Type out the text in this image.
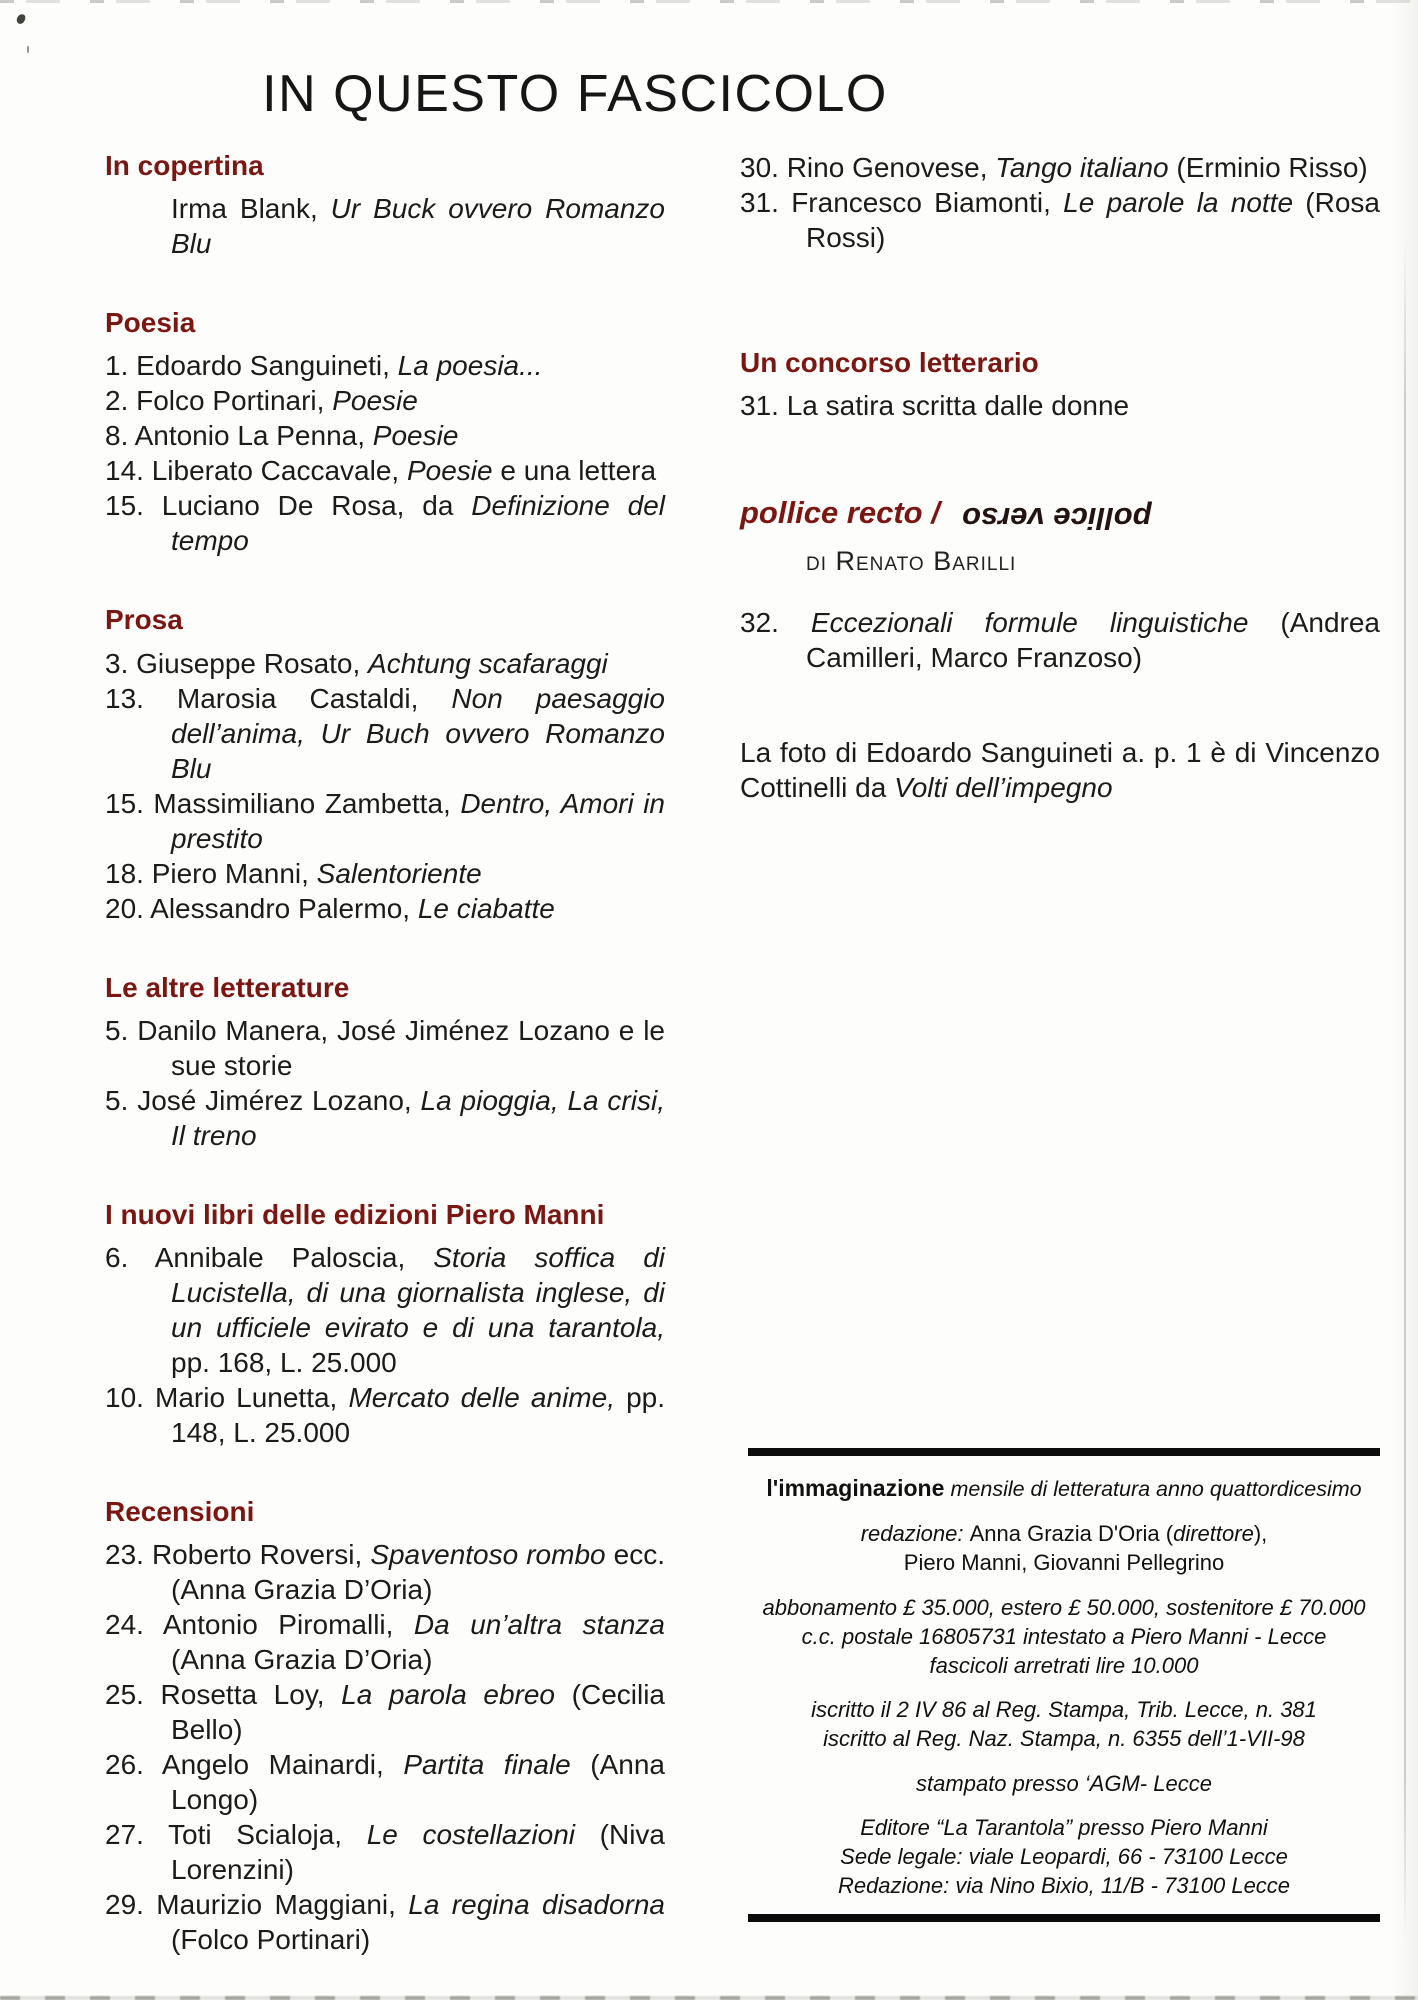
IN QUESTO FASCICOLO
In copertina

Irma Blank, Ur Buck ovvero Romanzo Blu

Poesia

1. Edoardo Sanguineti, La poesia...

2. Folco Portinari, Poesie

8. Antonio La Penna, Poesie

14. Liberato Caccavale, Poesie e una lettera

15. Luciano De Rosa, da Definizione del tempo

Prosa

3. Giuseppe Rosato, Achtung scafaraggi

13. Marosia Castaldi, Non paesaggio dell’anima, Ur Buch ovvero Romanzo Blu

15. Massimiliano Zambetta, Dentro, Amori in prestito

18. Piero Manni, Salentoriente

20. Alessandro Palermo, Le ciabatte

Le altre letterature

5. Danilo Manera, José Jiménez Lozano e le sue storie

5. José Jimérez Lozano, La pioggia, La crisi, Il treno

I nuovi libri delle edizioni Piero Manni

6. Annibale Paloscia, Storia soffica di Lucistella, di una giornalista inglese, di un ufficiele evirato e di una tarantola, pp. 168, L. 25.000

10. Mario Lunetta, Mercato delle anime, pp. 148, L. 25.000

Recensioni

23. Roberto Roversi, Spaventoso rombo ecc. (Anna Grazia D’Oria)

24. Antonio Piromalli, Da un’altra stanza (Anna Grazia D’Oria)

25. Rosetta Loy, La parola ebreo (Cecilia Bello)

26. Angelo Mainardi, Partita finale (Anna Longo)

27. Toti Scialoja, Le costellazioni (Niva Lorenzini)

29. Maurizio Maggiani, La regina disadorna (Folco Portinari)

30. Rino Genovese, Tango italiano (Erminio Risso)

31. Francesco Biamonti, Le parole la notte (Rosa Rossi)

Un concorso letterario

31. La satira scritta dalle donne

pollice recto / pollice verso

di Renato Barilli

32. Eccezionali formule linguistiche (Andrea Camilleri, Marco Franzoso)

La foto di Edoardo Sanguineti a. p. 1 è di Vincenzo Cottinelli da Volti dell’impegno

l'immaginazione mensile di letteratura anno quattordicesimo

redazione: Anna Grazia D'Oria (direttore),

Piero Manni, Giovanni Pellegrino

abbonamento £ 35.000, estero £ 50.000, sostenitore £ 70.000

c.c. postale 16805731 intestato a Piero Manni - Lecce

fascicoli arretrati lire 10.000

iscritto il 2 IV 86 al Reg. Stampa, Trib. Lecce, n. 381

iscritto al Reg. Naz. Stampa, n. 6355 dell’1-VII-98

stampato presso ‘AGM- Lecce

Editore “La Tarantola” presso Piero Manni

Sede legale: viale Leopardi, 66 - 73100 Lecce

Redazione: via Nino Bixio, 11/B - 73100 Lecce
